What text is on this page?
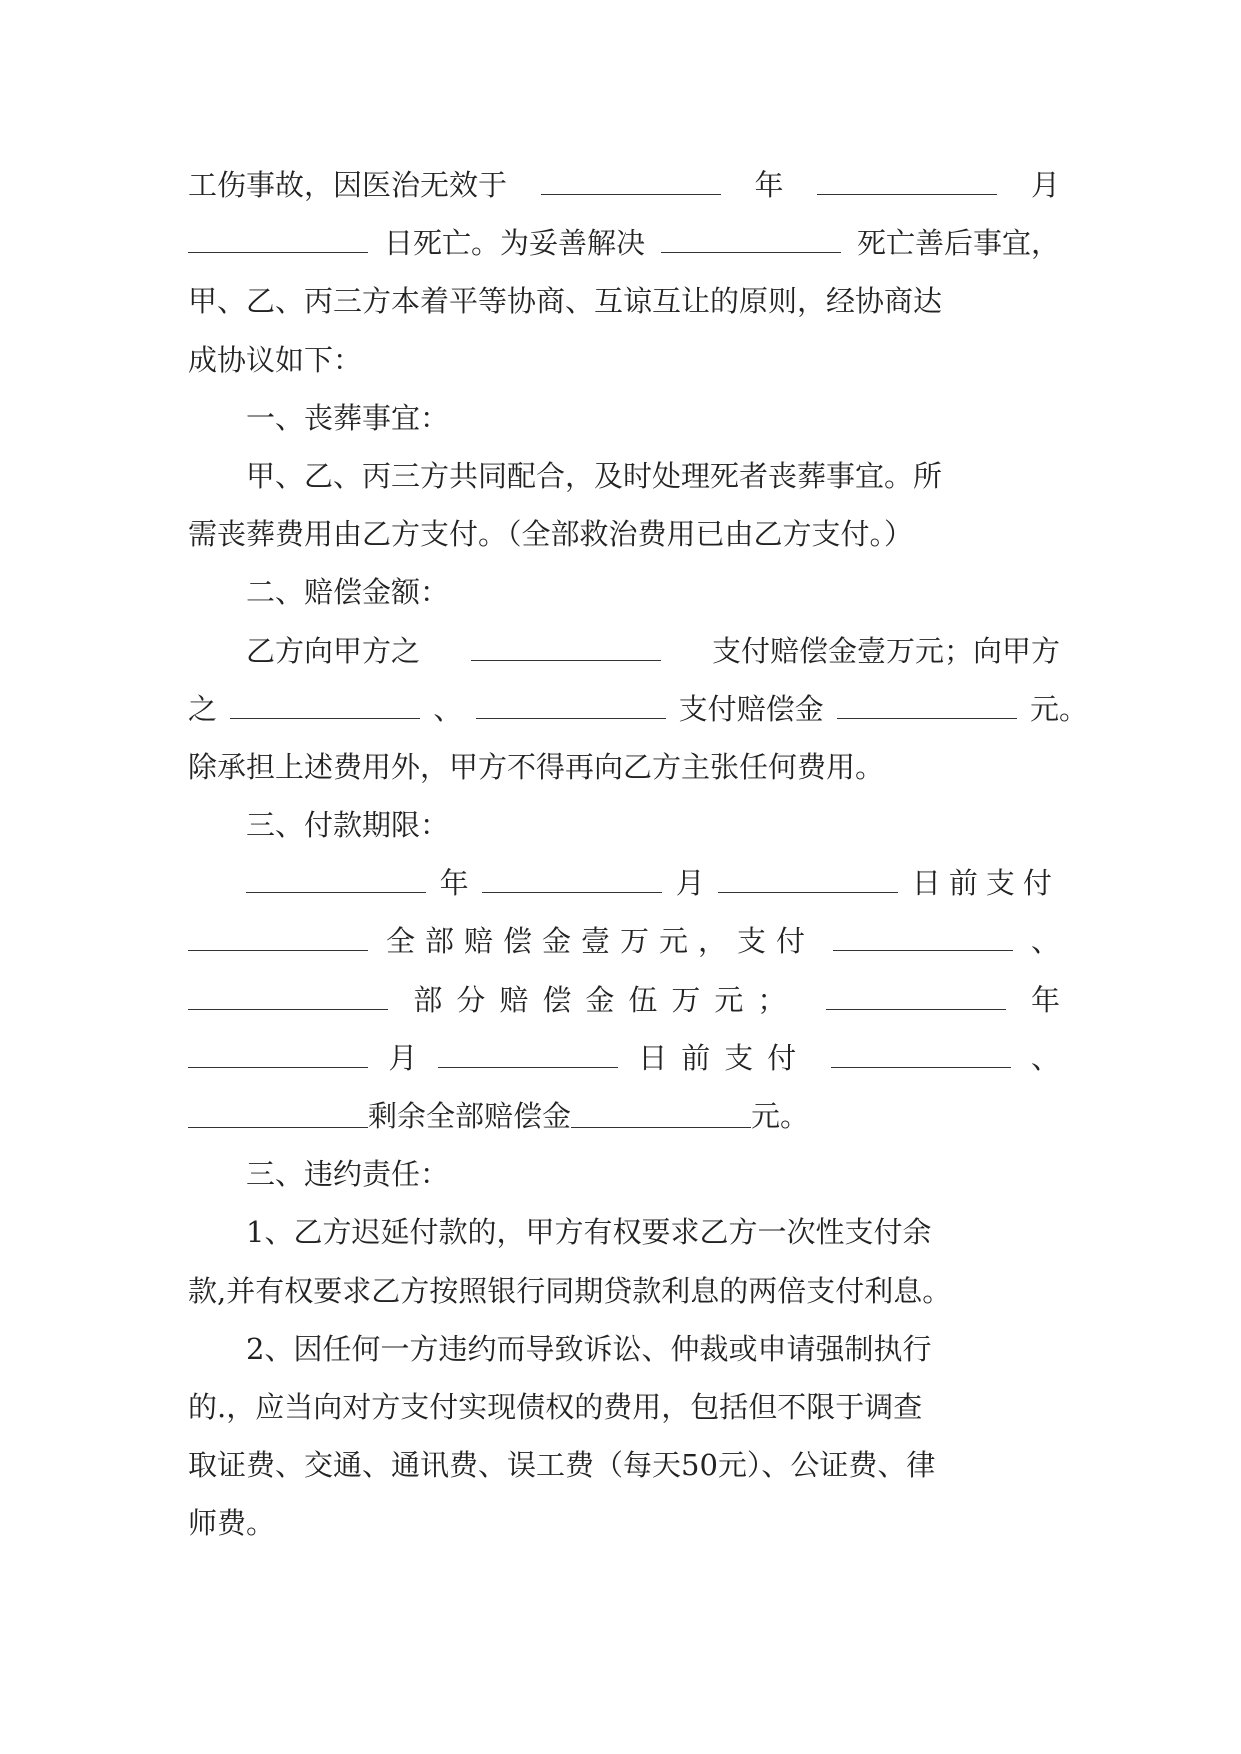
工伤事故，因医治无效于	年	月
日死亡。为妥善解决	死亡善后事宜，
甲、乙、丙三方本着平等协商、互谅互让的原则，经协商达
成协议如下：
一、丧葬事宜：
甲、乙、丙三方共同配合，及时处理死者丧葬事宜。所
需丧葬费用由乙方支付。（全部救治费用已由乙方支付。）
二、赔偿金额：
乙方向甲方之	支付赔偿金壹万元；向甲方
之	、	支付赔偿金	元。
除承担上述费用外，甲方不得再向乙方主张任何费用。
三、付款期限：
年	月	日前支付
全部赔偿金壹万元，支付	、
部分赔偿金伍万元；	年
月	日前支付	、
剩余全部赔偿金	元。
三、违约责任：
1、乙方迟延付款的，甲方有权要求乙方一次性支付余
款,并有权要求乙方按照银行同期贷款利息的两倍支付利息。
2、因任何一方违约而导致诉讼、仲裁或申请强制执行
的.，应当向对方支付实现债权的费用，包括但不限于调查
取证费、交通、通讯费、误工费（每天50元）、公证费、律
师费。
